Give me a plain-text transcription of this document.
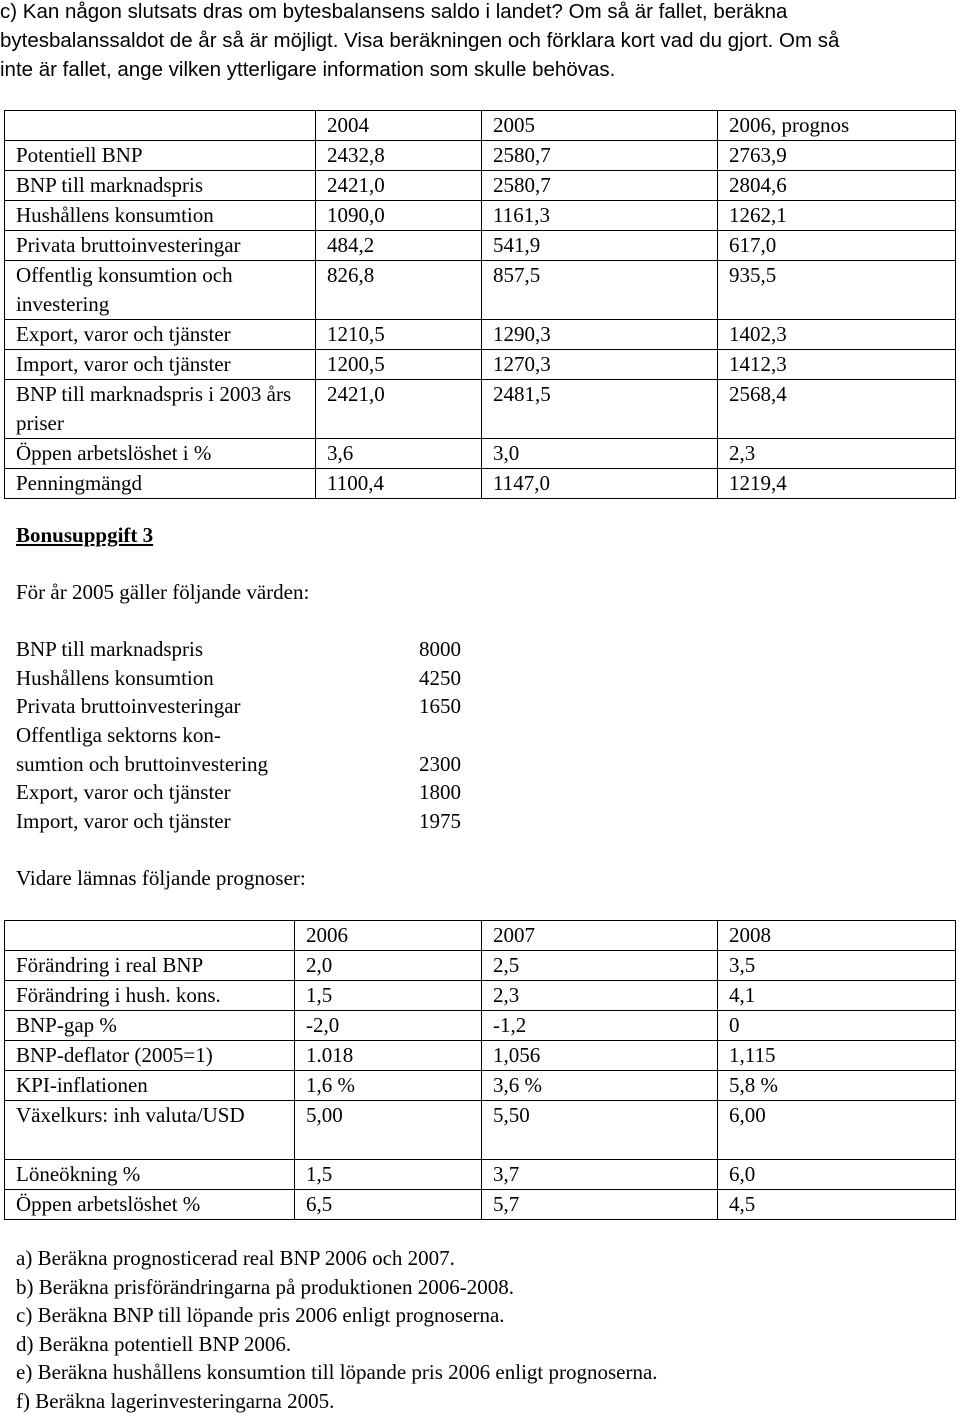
c) Kan någon slutsats dras om bytesbalansens saldo i landet? Om så är fallet, beräkna
bytesbalanssaldot de år så är möjligt. Visa beräkningen och förklara kort vad du gjort. Om så
inte är fallet, ange vilken ytterligare information som skulle behövas.
	2004	2005	2006, prognos
Potentiell BNP	2432,8	2580,7	2763,9
BNP till marknadspris	2421,0	2580,7	2804,6
Hushållens konsumtion	1090,0	1161,3	1262,1
Privata bruttoinvesteringar	484,2	541,9	617,0
Offentlig konsumtion och investering	826,8	857,5	935,5
Export, varor och tjänster	1210,5	1290,3	1402,3
Import, varor och tjänster	1200,5	1270,3	1412,3
BNP till marknadspris i 2003 års priser	2421,0	2481,5	2568,4
Öppen arbetslöshet i %	3,6	3,0	2,3
Penningmängd	1100,4	1147,0	1219,4
Bonusuppgift 3
För år 2005 gäller följande värden:
BNP till marknadspris	8000
Hushållens konsumtion	4250
Privata bruttoinvesteringar	1650
Offentliga sektorns kon-
sumtion och bruttoinvestering	2300
Export, varor och tjänster	1800
Import, varor och tjänster	1975
Vidare lämnas följande prognoser:
	2006	2007	2008
Förändring i real BNP	2,0	2,5	3,5
Förändring i hush. kons.	1,5	2,3	4,1
BNP-gap %	-2,0	-1,2	0
BNP-deflator (2005=1)	1.018	1,056	1,115
KPI-inflationen	1,6 %	3,6 %	5,8 %
Växelkurs: inh valuta/USD	5,00	5,50	6,00
Löneökning %	1,5	3,7	6,0
Öppen arbetslöshet %	6,5	5,7	4,5
a) Beräkna prognosticerad real BNP 2006 och 2007.
b) Beräkna prisförändringarna på produktionen 2006-2008.
c) Beräkna BNP till löpande pris 2006 enligt prognoserna.
d) Beräkna potentiell BNP 2006.
e) Beräkna hushållens konsumtion till löpande pris 2006 enligt prognoserna.
f) Beräkna lagerinvesteringarna 2005.
